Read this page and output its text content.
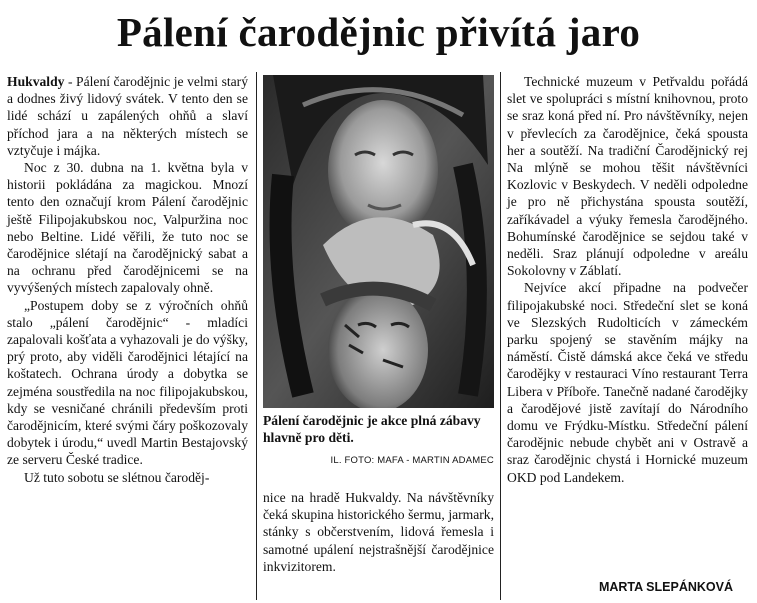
Pálení čarodějnic přivítá jaro

Hukvaldy - Pálení čarodějnic je velmi starý a dodnes živý lidový svátek. V tento den se lidé schází u zapálených ohňů a slaví příchod jara a na některých místech se vztyčuje i májka.

Noc z 30. dubna na 1. května byla v historii pokládána za magickou. Mnozí tento den označují krom Pálení čarodějnic ještě Filipojakubskou noc, Valpuržina noc nebo Beltine. Lidé věřili, že tuto noc se čarodějnice slétají na čarodějnický sabat a na ochranu před čarodějnicemi se na vyvýšených místech zapalovaly ohně.

„Postupem doby se z výročních ohňů stalo „pálení čarodějnic“ - mladíci zapalovali košťata a vyhazovali je do výšky, prý proto, aby viděli čarodějnici létající na koštatech. Ochrana úrody a dobytka se zejména soustředila na noc filipojakubskou, kdy se vesničané chránili především proti čarodějnicím, které svými čáry poškozovaly dobytek i úrodu,“ uvedl Martin Bestajovský ze serveru České tradice.

Už tuto sobotu se slétnou čaroděj-

Pálení čarodějnic je akce plná zábavy hlavně pro děti.

IL. FOTO: MAFA - MARTIN ADAMEC

nice na hradě Hukvaldy. Na návštěvníky čeká skupina historického šermu, jarmark, stánky s občerstvením, lidová řemesla i samotné upálení nejstrašnější čarodějnice inkvizitorem.

Technické muzeum v Petřvaldu pořádá slet ve spolupráci s místní knihovnou, proto se sraz koná před ní. Pro návštěvníky, nejen v převlecích za čarodějnice, čeká spousta her a soutěží. Na tradiční Čarodějnický rej Na mlýně se mohou těšit návštěvníci Kozlovic v Beskydech. V neděli odpoledne je pro ně přichystána spousta soutěží, zaříkávadel a výuky řemesla čarodějného. Bohumínské čarodějnice se sejdou také v neděli. Sraz plánují odpoledne v areálu Sokolovny v Záblatí.

Nejvíce akcí připadne na podvečer filipojakubské noci. Středeční slet se koná ve Slezských Rudolticích v zámeckém parku spojený se stavěním májky na náměstí. Čistě dámská akce čeká ve středu čarodějky v restauraci Víno restaurant Terra Libera v Příboře. Tanečně nadané čarodějky a čarodějové jistě zavítají do Národního domu ve Frýdku-Místku. Středeční pálení čarodějnic nebude chybět ani v Ostravě a sraz čarodějnic chystá i Hornické muzeum OKD pod Landekem.

MARTA SLEPÁNKOVÁ
